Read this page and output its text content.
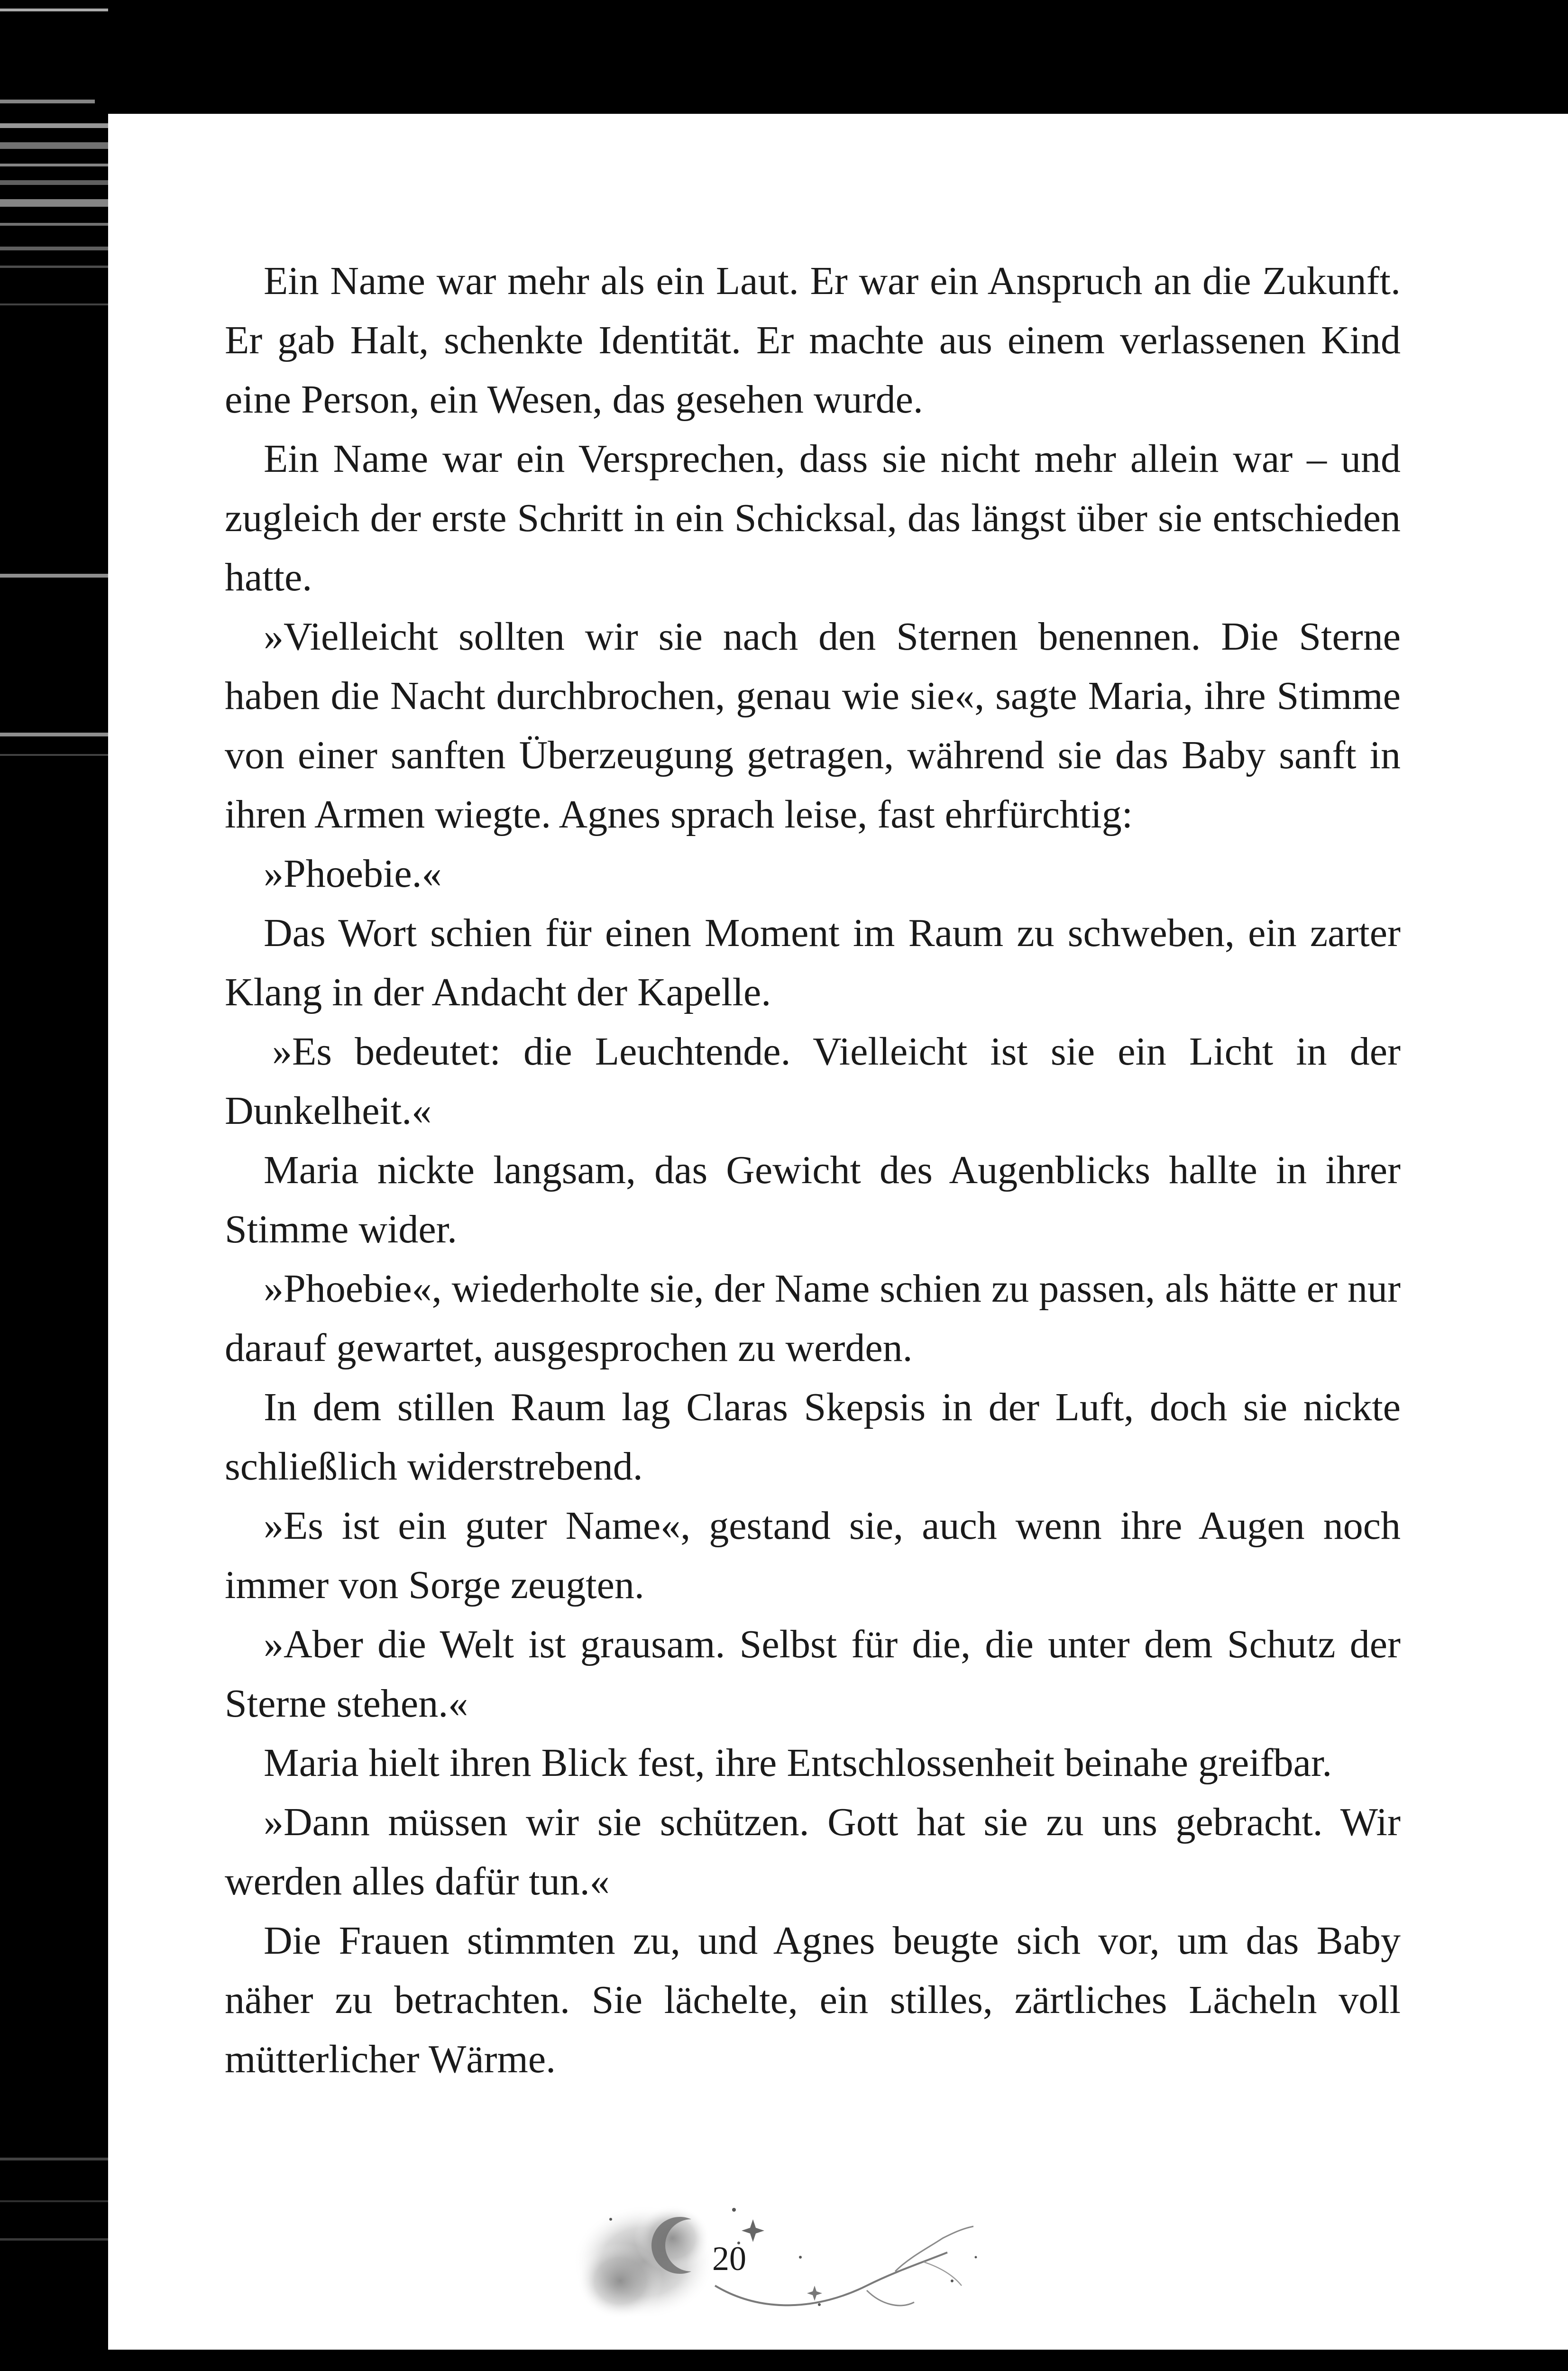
Ein Name war mehr als ein Laut. Er war ein Anspruch an die Zukunft. Er gab Halt, schenkte Identität. Er machte aus einem verlassenen Kind eine Person, ein Wesen, das gesehen wurde.

Ein Name war ein Versprechen, dass sie nicht mehr allein war – und zugleich der erste Schritt in ein Schicksal, das längst über sie entschieden hatte.

»Vielleicht sollten wir sie nach den Sternen benennen. Die Sterne haben die Nacht durchbrochen, genau wie sie«, sagte Maria, ihre Stimme von einer sanften Überzeugung getragen, während sie das Baby sanft in ihren Armen wiegte. Agnes sprach leise, fast ehrfürchtig:

»Phoebie.«

Das Wort schien für einen Moment im Raum zu schweben, ein zarter Klang in der Andacht der Kapelle.

»Es bedeutet: die Leuchtende. Vielleicht ist sie ein Licht in der Dunkelheit.«

Maria nickte langsam, das Gewicht des Augenblicks hallte in ihrer Stimme wider.

»Phoebie«, wiederholte sie, der Name schien zu passen, als hätte er nur darauf gewartet, ausgesprochen zu werden.

In dem stillen Raum lag Claras Skepsis in der Luft, doch sie nickte schließlich widerstrebend.

»Es ist ein guter Name«, gestand sie, auch wenn ihre Augen noch immer von Sorge zeugten.

»Aber die Welt ist grausam. Selbst für die, die unter dem Schutz der Sterne stehen.«

Maria hielt ihren Blick fest, ihre Entschlossenheit beinahe greifbar.

»Dann müssen wir sie schützen. Gott hat sie zu uns gebracht. Wir werden alles dafür tun.«

Die Frauen stimmten zu, und Agnes beugte sich vor, um das Baby näher zu betrachten. Sie lächelte, ein stilles, zärtliches Lächeln voll mütterlicher Wärme.

20
